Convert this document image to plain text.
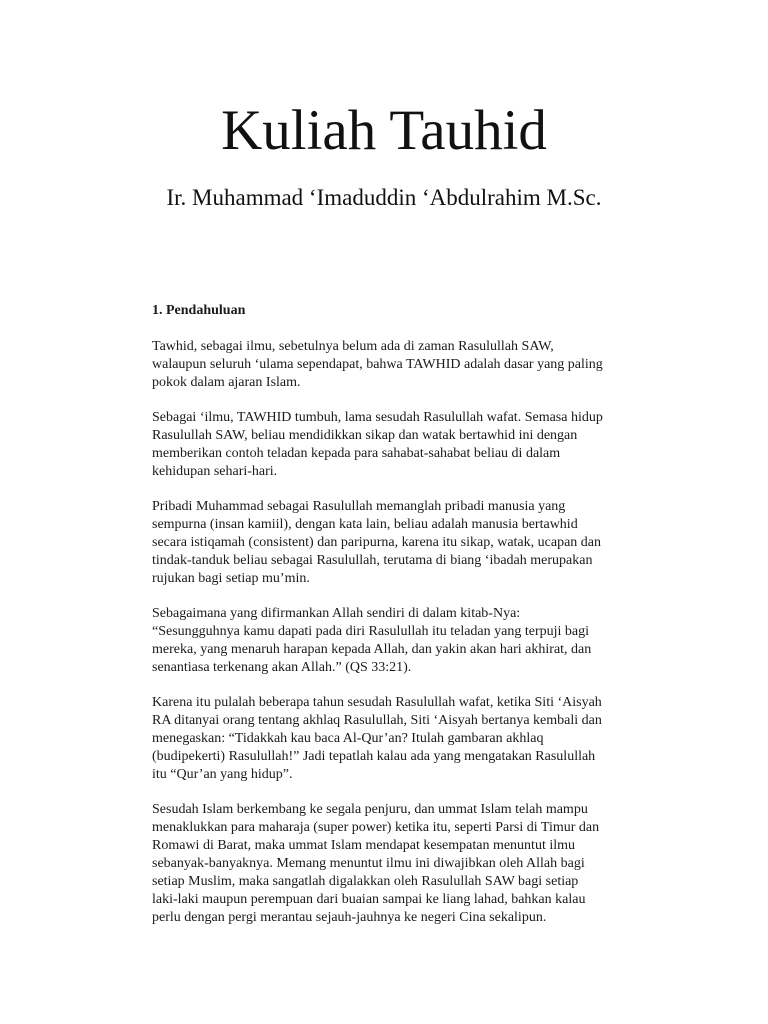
Kuliah Tauhid
Ir. Muhammad ‘Imaduddin ‘Abdulrahim M.Sc.

1. Pendahuluan

Tawhid, sebagai ilmu, sebetulnya belum ada di zaman Rasulullah SAW,
walaupun seluruh ‘ulama sependapat, bahwa TAWHID adalah dasar yang paling
pokok dalam ajaran Islam.

Sebagai ‘ilmu, TAWHID tumbuh, lama sesudah Rasulullah wafat. Semasa hidup
Rasulullah SAW, beliau mendidikkan sikap dan watak bertawhid ini dengan
memberikan contoh teladan kepada para sahabat-sahabat beliau di dalam
kehidupan sehari-hari.

Pribadi Muhammad sebagai Rasulullah memanglah pribadi manusia yang
sempurna (insan kamiil), dengan kata lain, beliau adalah manusia bertawhid
secara istiqamah (consistent) dan paripurna, karena itu sikap, watak, ucapan dan
tindak-tanduk beliau sebagai Rasulullah, terutama di biang ‘ibadah merupakan
rujukan bagi setiap mu’min.

Sebagaimana yang difirmankan Allah sendiri di dalam kitab-Nya:
“Sesungguhnya kamu dapati pada diri Rasulullah itu teladan yang terpuji bagi
mereka, yang menaruh harapan kepada Allah, dan yakin akan hari akhirat, dan
senantiasa terkenang akan Allah.” (QS 33:21).

Karena itu pulalah beberapa tahun sesudah Rasulullah wafat, ketika Siti ‘Aisyah
RA ditanyai orang tentang akhlaq Rasulullah, Siti ‘Aisyah bertanya kembali dan
menegaskan: “Tidakkah kau baca Al-Qur’an? Itulah gambaran akhlaq
(budipekerti) Rasulullah!” Jadi tepatlah kalau ada yang mengatakan Rasulullah
itu “Qur’an yang hidup”.

Sesudah Islam berkembang ke segala penjuru, dan ummat Islam telah mampu
menaklukkan para maharaja (super power) ketika itu, seperti Parsi di Timur dan
Romawi di Barat, maka ummat Islam mendapat kesempatan menuntut ilmu
sebanyak-banyaknya. Memang menuntut ilmu ini diwajibkan oleh Allah bagi
setiap Muslim, maka sangatlah digalakkan oleh Rasulullah SAW bagi setiap
laki-laki maupun perempuan dari buaian sampai ke liang lahad, bahkan kalau
perlu dengan pergi merantau sejauh-jauhnya ke negeri Cina sekalipun.
